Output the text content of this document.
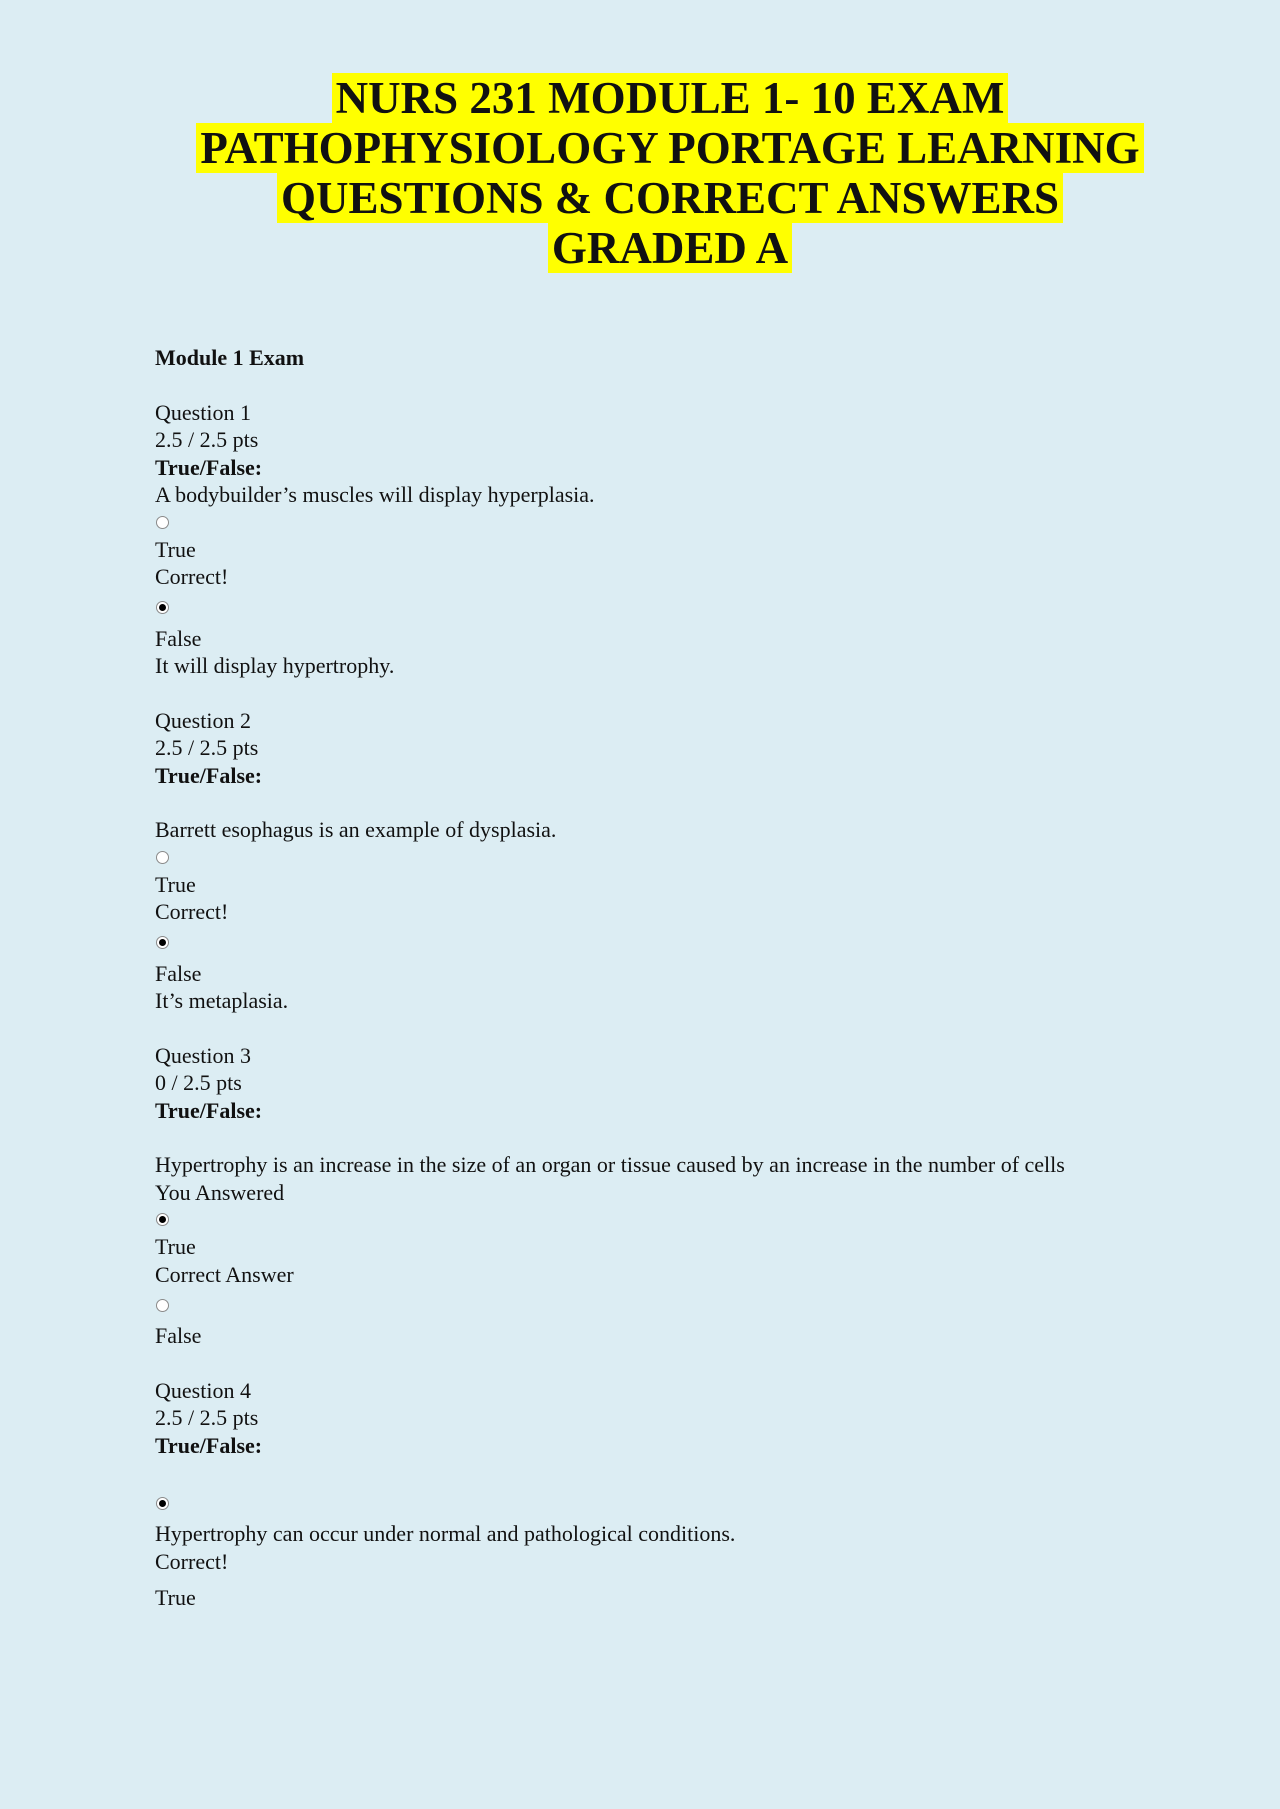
NURS 231 MODULE 1- 10 EXAM
PATHOPHYSIOLOGY PORTAGE LEARNING
QUESTIONS & CORRECT ANSWERS
GRADED A
Module 1 Exam
Question 1
2.5 / 2.5 pts
True/False:
A bodybuilder’s muscles will display hyperplasia.
True
Correct!
False
It will display hypertrophy.
Question 2
2.5 / 2.5 pts
True/False:
Barrett esophagus is an example of dysplasia.
True
Correct!
False
It’s metaplasia.
Question 3
0 / 2.5 pts
True/False:
Hypertrophy is an increase in the size of an organ or tissue caused by an increase in the number of cells
You Answered
True
Correct Answer
False
Question 4
2.5 / 2.5 pts
True/False:
Hypertrophy can occur under normal and pathological conditions.
Correct!
True
